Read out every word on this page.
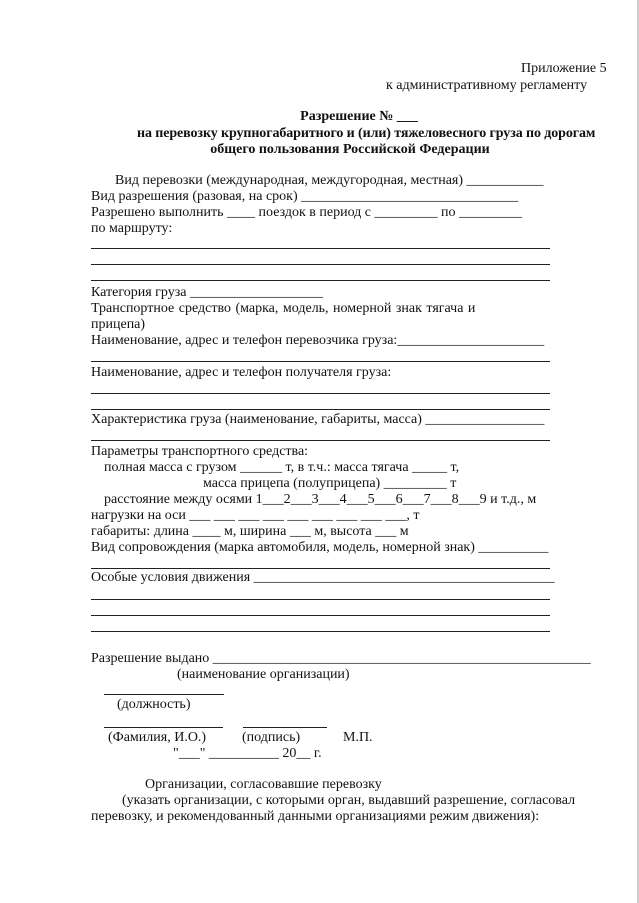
Приложение 5
к административному регламенту
Разрешение № ___
на перевозку крупногабаритного и (или) тяжеловесного груза по дорогам
общего пользования Российской Федерации
Вид перевозки (международная, междугородная, местная) ___________
Вид разрешения (разовая, на срок) _______________________________
Разрешено выполнить ____ поездок в период с _________ по _________
по маршруту:
Категория груза ___________________
Транспортное средство (марка, модель, номерной знак тягача и
прицепа)
Наименование, адрес и телефон перевозчика груза:_____________________
Наименование, адрес и телефон получателя груза:
Характеристика груза (наименование, габариты, масса) _________________
Параметры транспортного средства:
полная масса с грузом ______ т, в т.ч.: масса тягача _____ т,
масса прицепа (полуприцепа) _________ т
расстояние между осями 1___2___3___4___5___6___7___8___9 и т.д., м
нагрузки на оси ___ ___ ___ ___ ___ ___ ___ ___ ___, т
габариты: длина ____ м, ширина ___ м, высота ___ м
Вид сопровождения (марка автомобиля, модель, номерной знак) __________
Особые условия движения ___________________________________________
Разрешение выдано ______________________________________________________
(наименование организации)
(должность)
(Фамилия, И.О.)	(подпись)	М.П.
"___" __________ 20__ г.
Организации, согласовавшие перевозку
(указать организации, с которыми орган, выдавший разрешение, согласовал
перевозку, и рекомендованный данными организациями режим движения):
